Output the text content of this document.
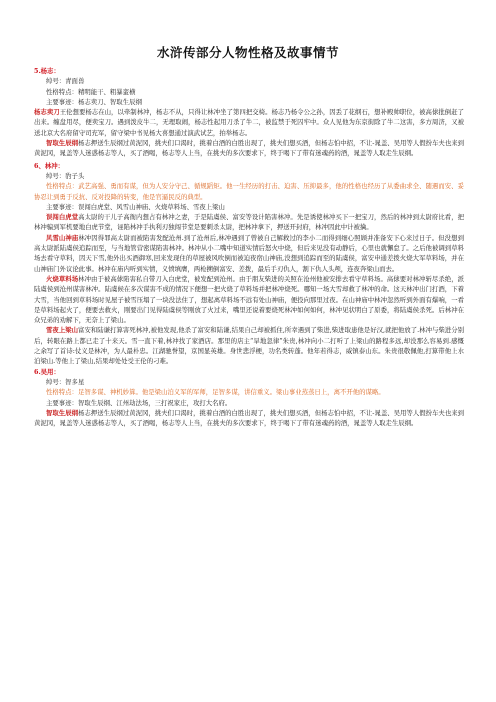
水浒传部分人物性格及故事情节

5.杨志：

绰号：青面兽

性格特点：精明能干、粗暴蛮横

主要事迹：杨志卖刀、智取生辰纲

杨志卖刀王伦想要杨志在山，以牵制林冲，杨志不从，只得让林冲坐了第四把交椅。杨志乃杨令公之孙，因丢了花纲石，想补殿帅职位，被高俅批倒赶了出来。缠盘用尽，便卖宝刀。遇到泼皮牛二，无理取闹，杨志性起用刀杀了牛二，被监禁于死囚牢中。众人见他为东京街除了牛二这害，多方周济，又被送北京大名府留守司充军，留守梁中书见杨大喜想通过演武试艺，拍举杨志。

智取生辰纲杨志押送生辰纲过黄泥冈，挑夫们口渴时，挑着白酒的白胜出现了，挑夫们想买酒，但杨志怕中招，不让-晁盖、吴用等人假扮车夫也来到黄泥冈，晁盖等人迷惑杨志等人，买了酒喝，杨志等人上当，在挑夫的多次要求下，终于喝下了带有迷魂药的酒，晁盖等人取走生辰纲。

6、林冲：

绰号：豹子头

性格特点：武艺高强、勇而有谋，但为人安分守己、循规蹈矩。他一生经历的打击、迫害、压抑最多，他的性格也经历了从委曲求全、随遇而安、妥协忍让到勇于反抗、反对投降的转变，他是官逼民反的典型。

主要事迹：误闯白虎堂、风雪山神庙、火烧草料场、雪夜上梁山

误闯白虎堂高太尉的干儿子高衙内想占有林冲之妻，于是陆虞侯、富安等设计陷害林冲。先是诱使林冲买下一把宝刀，然后的林冲到太尉府比看，把林冲骗到军机要地白虎节堂，诬陷林冲手执利刃独闯节堂是要刺杀太尉，把林冲拿下，押送开封府，林冲因此中计被擒。

风雪山神庙林冲因得罪高太尉而被陷害发配沧州.到了沧州后,林冲遇到了曾被自己解救过的李小二而得到细心照顾并准备安下心来过日子。但没想到高太尉派陆虞侯追踪而至，与当地管营密谋陷害林冲。林冲从小二嘴中知道实情后怒火中烧，但后来见没有动静后，心里也就懈怠了。之后他被调到草料场去看守草料，因天下雪,他外出买酒御寒,回来发现住的草屋被风吹倒而被迫夜宿山神庙,没想到追踪而至的陆虞侯，富安申通差拨火烧大军草料场，并在山神庙门外议论此事。林冲在庙内听到实情，义愤填膺，两枪搠倒富安、差拨，最后手刃仇人，割下仇人头颅，连夜奔梁山而去。

火烧草料场林冲由于被高俅陷害私自带刀入白虎堂，被发配到沧州。由于朋友柴进的关照在沧州他被安排去看守草料场。高俅要对林冲斩尽杀绝，派陆虞侯到沧州谋害林冲。陆虞候在多次谋害不成的情况下便想一把火烧了草料场并把林冲烧死。哪知一场大雪却救了林冲的命。这天林冲出门打酒，下着大雪，当他回到草料场时见屋子被雪压塌了一块没法住了，想起离草料场不远有处山神庙，便投向那里过夜。在山神庙中林冲忽然听到外面有爆响，一看是草料场起火了，便要去救火，刚要出门见得陆虞侯等刚放了火过来，嘴里还说着要烧死林冲如何如何，林冲见状明白了原委，将陆虞侯杀死。后林冲在众兄弟的劝解下，无奈上了梁山。

雪夜上梁山富安和陆谦打算害死林冲,被他发现,他杀了富安和陆谦,结果自己却被抓住,所幸遇到了柴进,柴进取患他是好汉,就把他放了.林冲与柴进分别后，转眼在路上都已走了十来天。雪一直下着,林冲找了家酒店。那里的店主“旱地忽律”朱贵,林冲向小二打听了上梁山的路程多远,却没那么容易到.感慨之余写了首诗:仗义是林冲，为人最朴忠。江湖驰誉望，京国显英雄。身世悲浮梗，功名类转蓬。他年若得志，威镇泰山东。朱贵很敬佩他,打算带他上水泊梁山.等他上了梁山,结果却处处受王伦的刁难。

6.吴用：

绰号：智多星

性格特点：足智多谋、神机妙算。他是梁山泊义军的军师，足智多谋，讲信重义。梁山事业蒸蒸日上，离不开他的谋略。

主要事迹：智取生辰纲、江州劫法场，三打祝家庄，攻打大名府。

智取生辰纲杨志押送生辰纲过黄泥冈，挑夫们口渴时，挑着白酒的白胜出现了，挑夫们想买酒，但杨志怕中招，不让-晁盖、吴用等人假扮车夫也来到黄泥冈，晁盖等人迷惑杨志等人，买了酒喝，杨志等人上当，在挑夫的多次要求下，终于喝下了带有迷魂药的酒，晁盖等人取走生辰纲。
